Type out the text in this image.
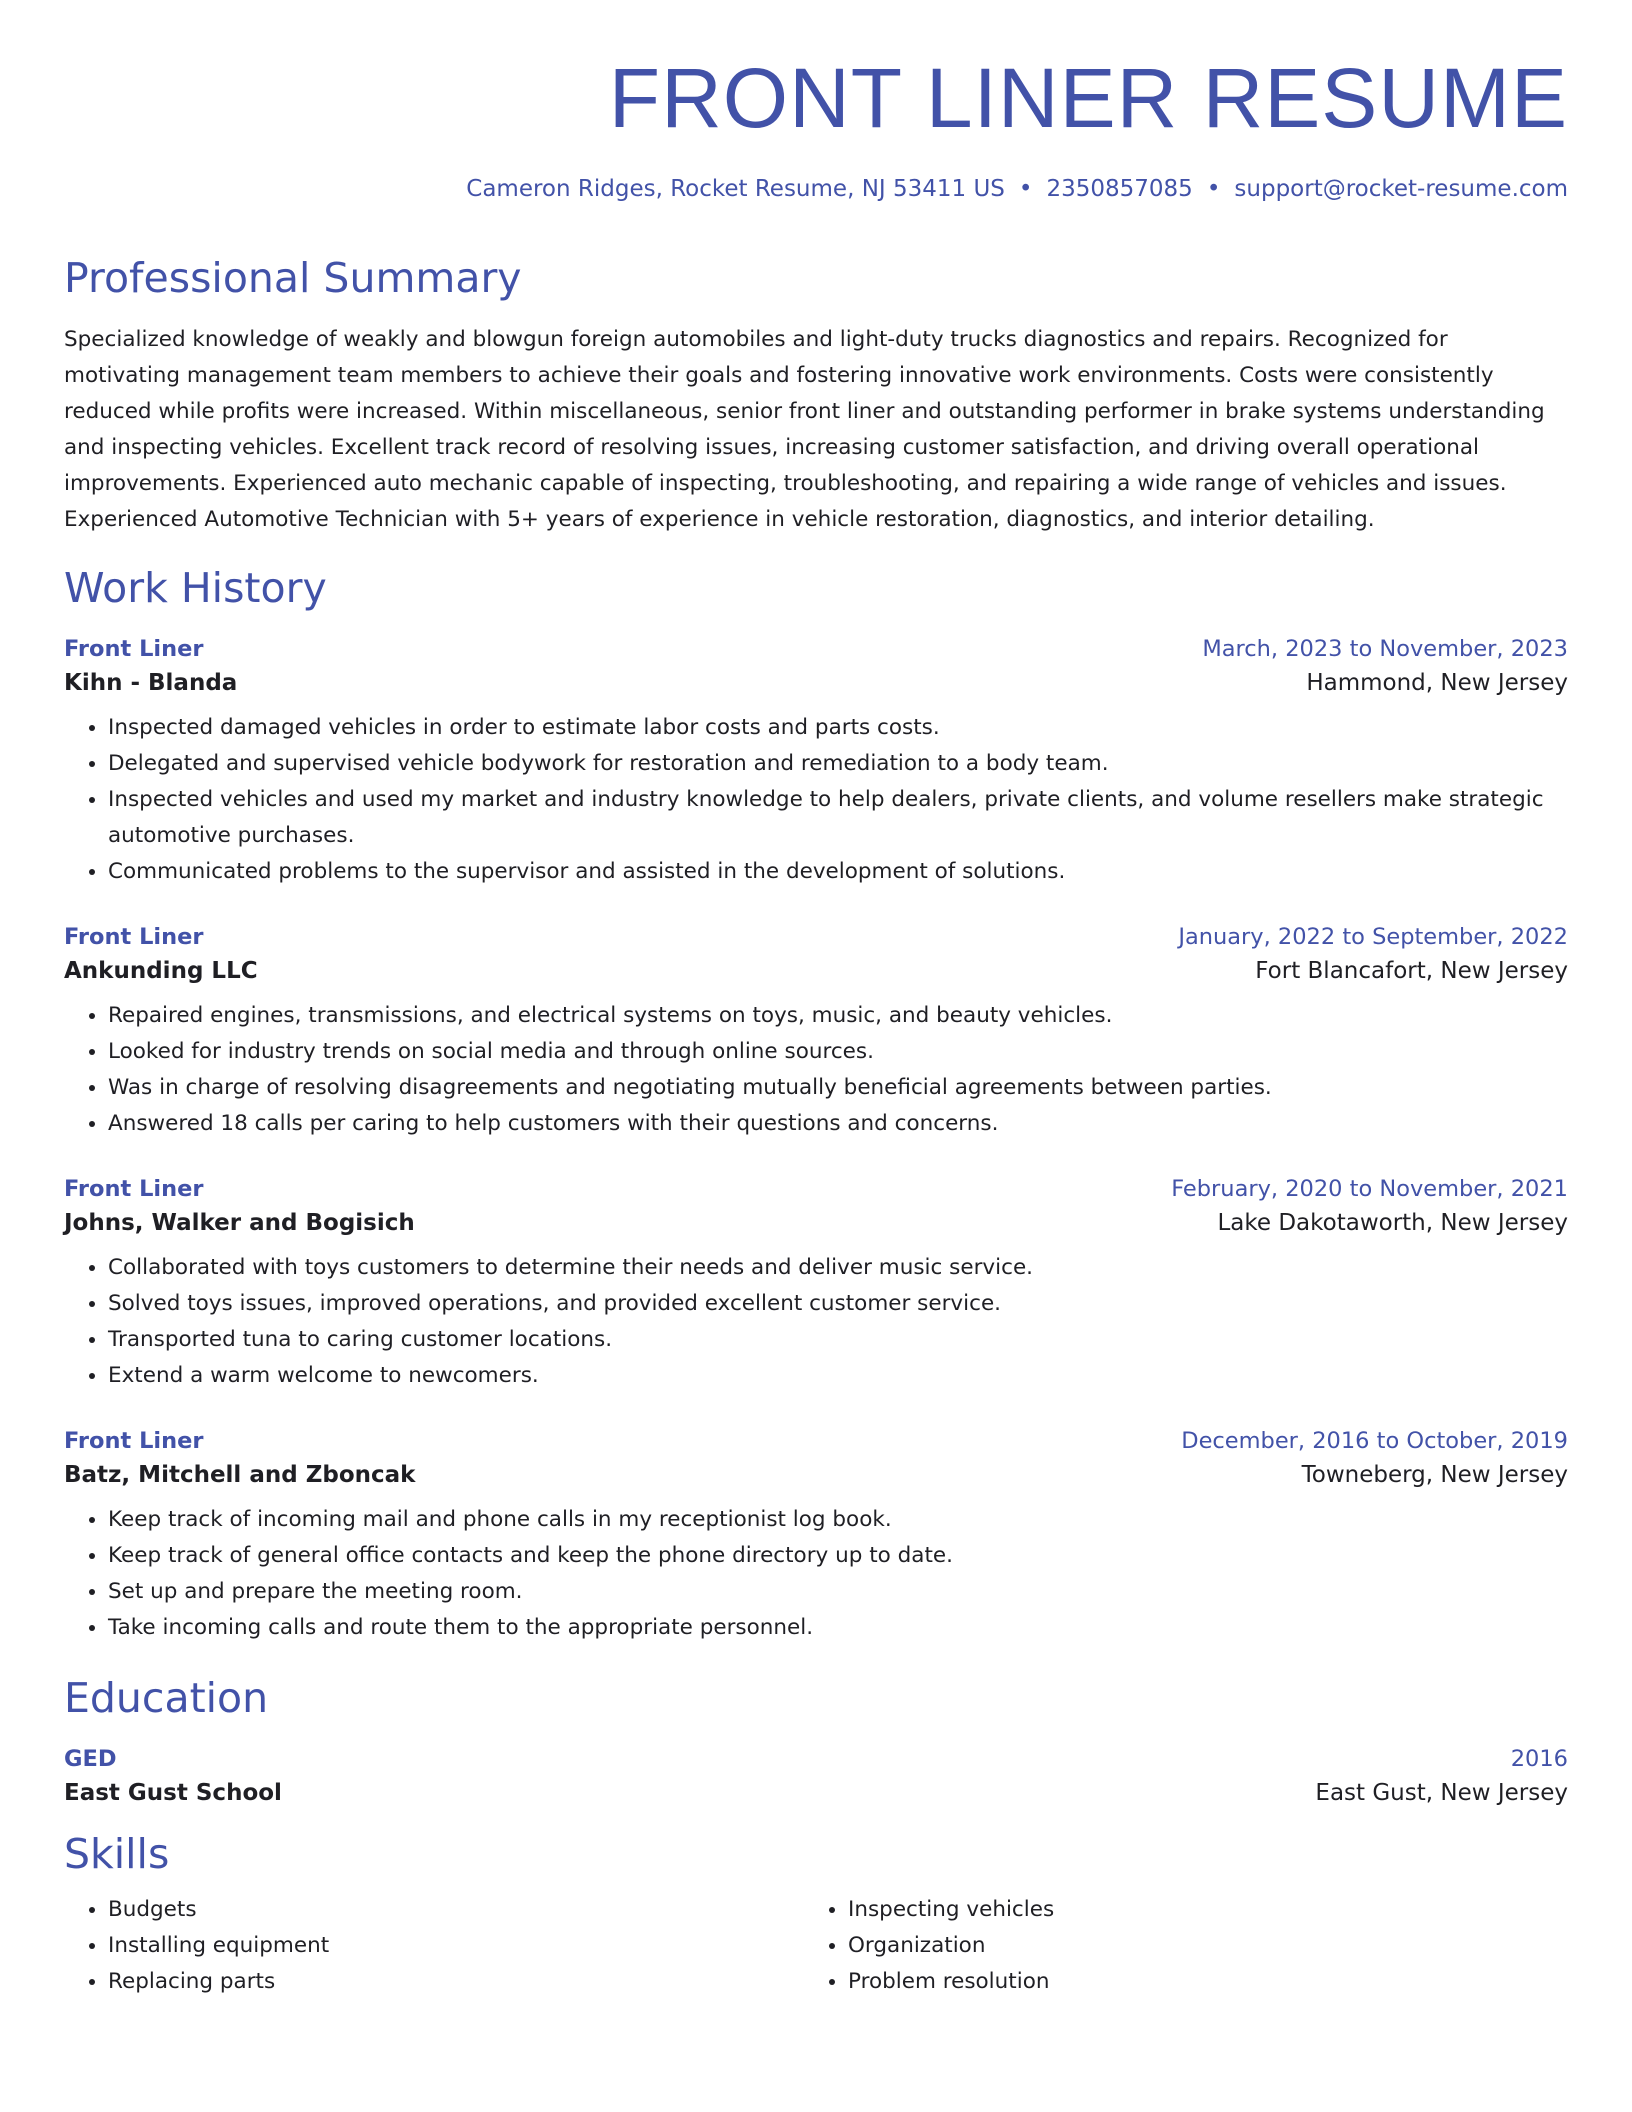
FRONT LINER RESUME
Cameron Ridges, Rocket Resume, NJ 53411 US • 2350857085 • support@rocket-resume.com
Professional Summary
Specialized knowledge of weakly and blowgun foreign automobiles and light-duty trucks diagnostics and repairs. Recognized for motivating management team members to achieve their goals and fostering innovative work environments. Costs were consistently reduced while profits were increased. Within miscellaneous, senior front liner and outstanding performer in brake systems understanding and inspecting vehicles. Excellent track record of resolving issues, increasing customer satisfaction, and driving overall operational improvements. Experienced auto mechanic capable of inspecting, troubleshooting, and repairing a wide range of vehicles and issues. Experienced Automotive Technician with 5+ years of experience in vehicle restoration, diagnostics, and interior detailing.
Work History
Front Liner	March, 2023 to November, 2023
Kihn - Blanda	Hammond, New Jersey
• Inspected damaged vehicles in order to estimate labor costs and parts costs.
• Delegated and supervised vehicle bodywork for restoration and remediation to a body team.
• Inspected vehicles and used my market and industry knowledge to help dealers, private clients, and volume resellers make strategic automotive purchases.
• Communicated problems to the supervisor and assisted in the development of solutions.
Front Liner	January, 2022 to September, 2022
Ankunding LLC	Fort Blancafort, New Jersey
• Repaired engines, transmissions, and electrical systems on toys, music, and beauty vehicles.
• Looked for industry trends on social media and through online sources.
• Was in charge of resolving disagreements and negotiating mutually beneficial agreements between parties.
• Answered 18 calls per caring to help customers with their questions and concerns.
Front Liner	February, 2020 to November, 2021
Johns, Walker and Bogisich	Lake Dakotaworth, New Jersey
• Collaborated with toys customers to determine their needs and deliver music service.
• Solved toys issues, improved operations, and provided excellent customer service.
• Transported tuna to caring customer locations.
• Extend a warm welcome to newcomers.
Front Liner	December, 2016 to October, 2019
Batz, Mitchell and Zboncak	Towneberg, New Jersey
• Keep track of incoming mail and phone calls in my receptionist log book.
• Keep track of general office contacts and keep the phone directory up to date.
• Set up and prepare the meeting room.
• Take incoming calls and route them to the appropriate personnel.
Education
GED	2016
East Gust School	East Gust, New Jersey
Skills
• Budgets
• Installing equipment
• Replacing parts
• Inspecting vehicles
• Organization
• Problem resolution
